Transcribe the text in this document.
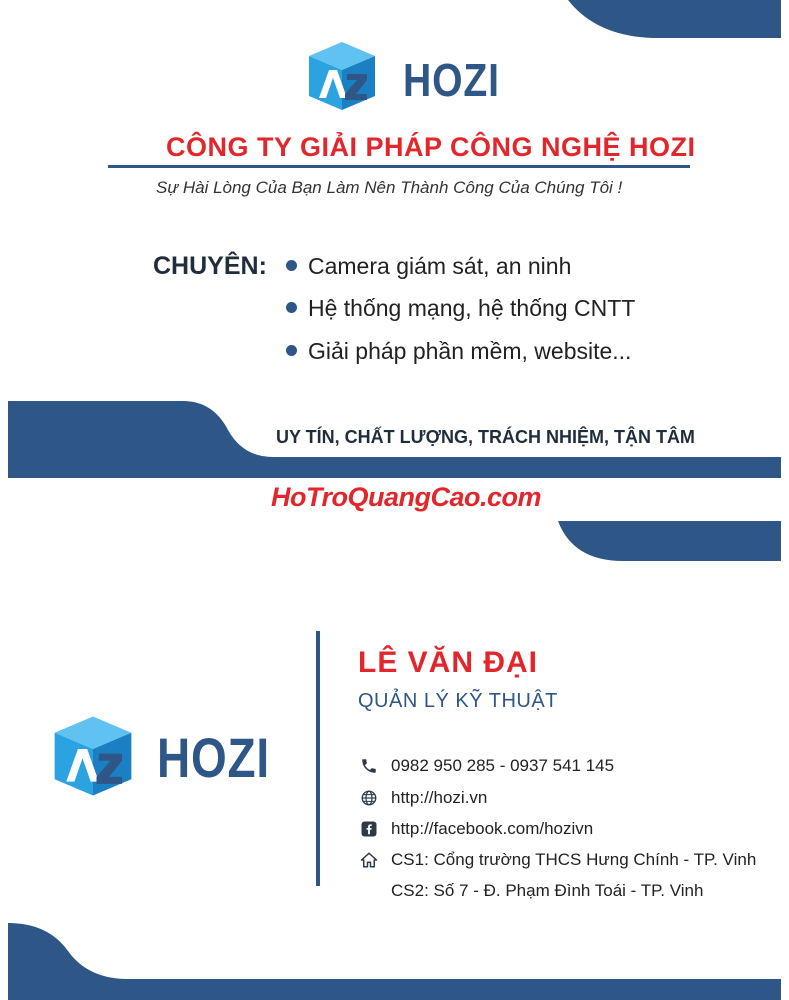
HOZI
CÔNG TY GIẢI PHÁP CÔNG NGHỆ HOZI
Sự Hài Lòng Của Bạn Làm Nên Thành Công Của Chúng Tôi !
CHUYÊN:	Camera giám sát, an ninh
Hệ thống mạng, hệ thống CNTT
Giải pháp phần mềm, website...
UY TÍN, CHẤT LƯỢNG, TRÁCH NHIỆM, TẬN TÂM
HoTroQuangCao.com
HOZI
LÊ VĂN ĐẠI
QUẢN LÝ KỸ THUẬT
0982 950 285 - 0937 541 145
http://hozi.vn
http://facebook.com/hozivn
CS1: Cổng trường THCS Hưng Chính - TP. Vinh
CS2: Số 7 - Đ. Phạm Đình Toái - TP. Vinh
